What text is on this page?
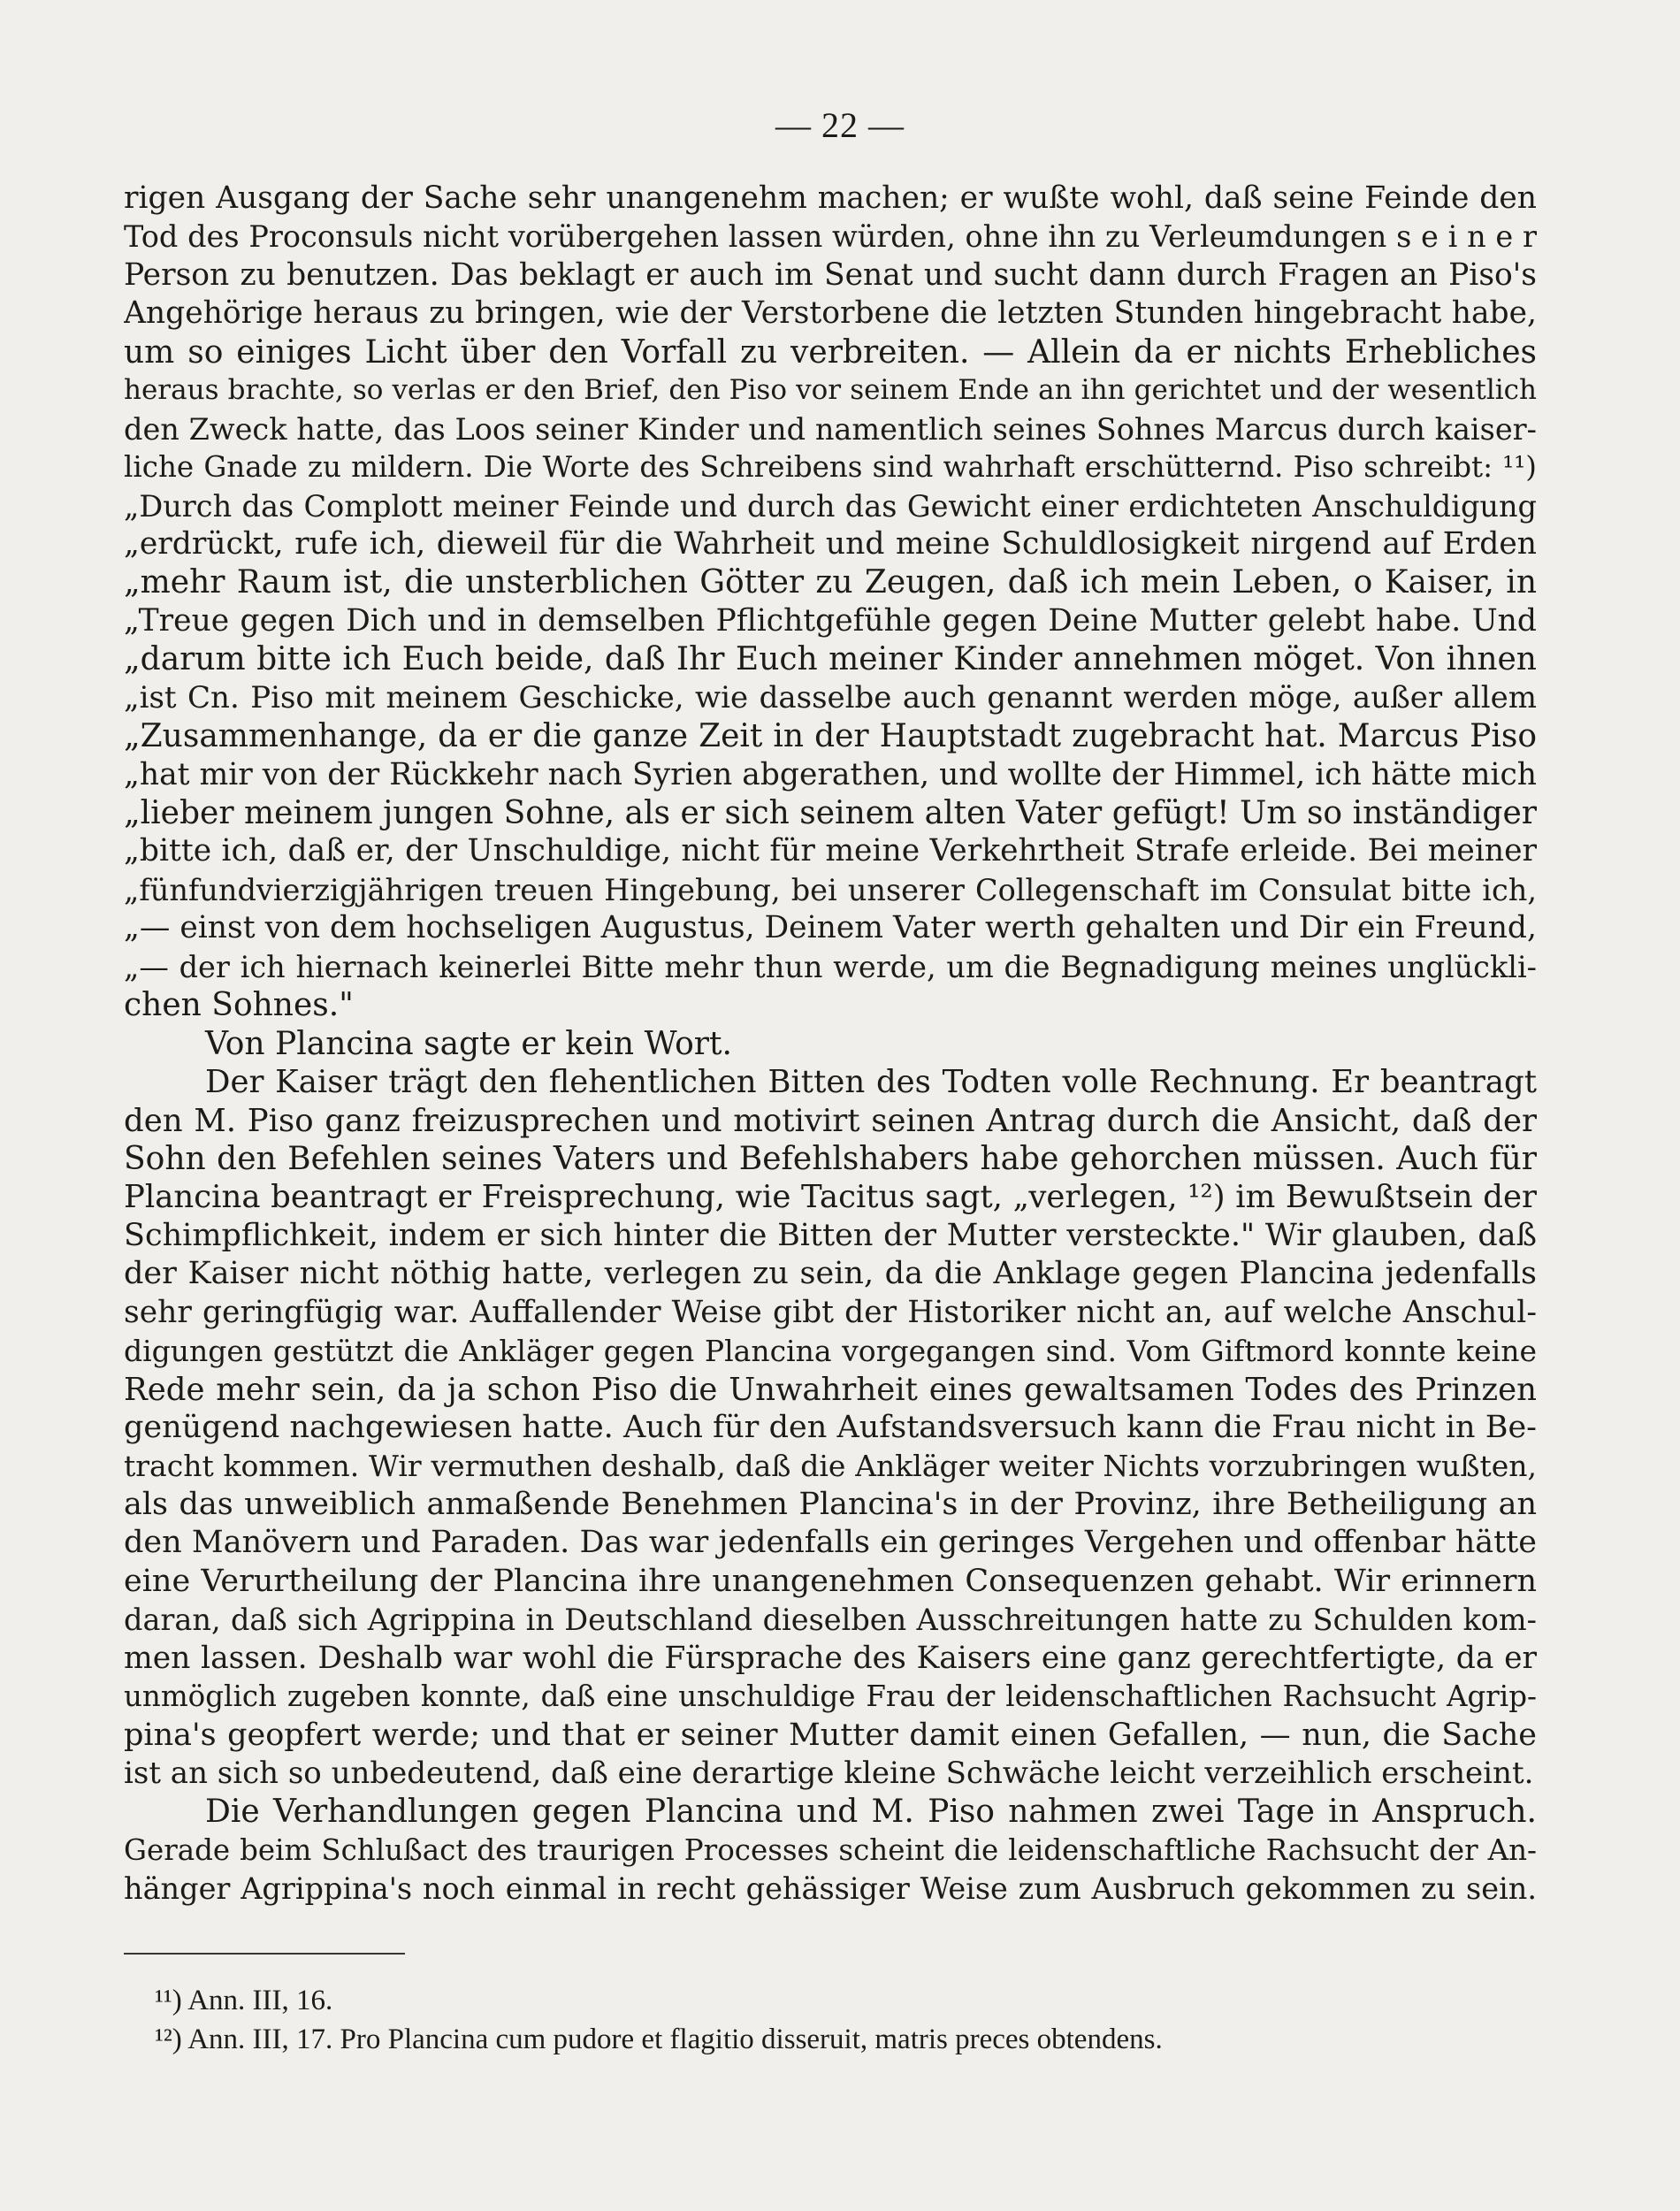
— 22 —
rigen Ausgang der Sache sehr unangenehm machen; er wußte wohl, daß seine Feinde den
Tod des Proconsuls nicht vorübergehen lassen würden, ohne ihn zu Verleumdungen s e i n e r
Person zu benutzen. Das beklagt er auch im Senat und sucht dann durch Fragen an Piso's
Angehörige heraus zu bringen, wie der Verstorbene die letzten Stunden hingebracht habe,
um so einiges Licht über den Vorfall zu verbreiten. — Allein da er nichts Erhebliches
heraus brachte, so verlas er den Brief, den Piso vor seinem Ende an ihn gerichtet und der wesentlich
den Zweck hatte, das Loos seiner Kinder und namentlich seines Sohnes Marcus durch kaiser-
liche Gnade zu mildern. Die Worte des Schreibens sind wahrhaft erschütternd. Piso schreibt: ¹¹)
„Durch das Complott meiner Feinde und durch das Gewicht einer erdichteten Anschuldigung
„erdrückt, rufe ich, dieweil für die Wahrheit und meine Schuldlosigkeit nirgend auf Erden
„mehr Raum ist, die unsterblichen Götter zu Zeugen, daß ich mein Leben, o Kaiser, in
„Treue gegen Dich und in demselben Pflichtgefühle gegen Deine Mutter gelebt habe. Und
„darum bitte ich Euch beide, daß Ihr Euch meiner Kinder annehmen möget. Von ihnen
„ist Cn. Piso mit meinem Geschicke, wie dasselbe auch genannt werden möge, außer allem
„Zusammenhange, da er die ganze Zeit in der Hauptstadt zugebracht hat. Marcus Piso
„hat mir von der Rückkehr nach Syrien abgerathen, und wollte der Himmel, ich hätte mich
„lieber meinem jungen Sohne, als er sich seinem alten Vater gefügt! Um so inständiger
„bitte ich, daß er, der Unschuldige, nicht für meine Verkehrtheit Strafe erleide. Bei meiner
„fünfundvierzigjährigen treuen Hingebung, bei unserer Collegenschaft im Consulat bitte ich,
„— einst von dem hochseligen Augustus, Deinem Vater werth gehalten und Dir ein Freund,
„— der ich hiernach keinerlei Bitte mehr thun werde, um die Begnadigung meines unglückli-
chen Sohnes."
Von Plancina sagte er kein Wort.
Der Kaiser trägt den flehentlichen Bitten des Todten volle Rechnung. Er beantragt
den M. Piso ganz freizusprechen und motivirt seinen Antrag durch die Ansicht, daß der
Sohn den Befehlen seines Vaters und Befehlshabers habe gehorchen müssen. Auch für
Plancina beantragt er Freisprechung, wie Tacitus sagt, „verlegen, ¹²) im Bewußtsein der
Schimpflichkeit, indem er sich hinter die Bitten der Mutter versteckte." Wir glauben, daß
der Kaiser nicht nöthig hatte, verlegen zu sein, da die Anklage gegen Plancina jedenfalls
sehr geringfügig war. Auffallender Weise gibt der Historiker nicht an, auf welche Anschul-
digungen gestützt die Ankläger gegen Plancina vorgegangen sind. Vom Giftmord konnte keine
Rede mehr sein, da ja schon Piso die Unwahrheit eines gewaltsamen Todes des Prinzen
genügend nachgewiesen hatte. Auch für den Aufstandsversuch kann die Frau nicht in Be-
tracht kommen. Wir vermuthen deshalb, daß die Ankläger weiter Nichts vorzubringen wußten,
als das unweiblich anmaßende Benehmen Plancina's in der Provinz, ihre Betheiligung an
den Manövern und Paraden. Das war jedenfalls ein geringes Vergehen und offenbar hätte
eine Verurtheilung der Plancina ihre unangenehmen Consequenzen gehabt. Wir erinnern
daran, daß sich Agrippina in Deutschland dieselben Ausschreitungen hatte zu Schulden kom-
men lassen. Deshalb war wohl die Fürsprache des Kaisers eine ganz gerechtfertigte, da er
unmöglich zugeben konnte, daß eine unschuldige Frau der leidenschaftlichen Rachsucht Agrip-
pina's geopfert werde; und that er seiner Mutter damit einen Gefallen, — nun, die Sache
ist an sich so unbedeutend, daß eine derartige kleine Schwäche leicht verzeihlich erscheint.
Die Verhandlungen gegen Plancina und M. Piso nahmen zwei Tage in Anspruch.
Gerade beim Schlußact des traurigen Processes scheint die leidenschaftliche Rachsucht der An-
hänger Agrippina's noch einmal in recht gehässiger Weise zum Ausbruch gekommen zu sein.
¹¹) Ann. III, 16.
¹²) Ann. III, 17. Pro Plancina cum pudore et flagitio disseruit, matris preces obtendens.
